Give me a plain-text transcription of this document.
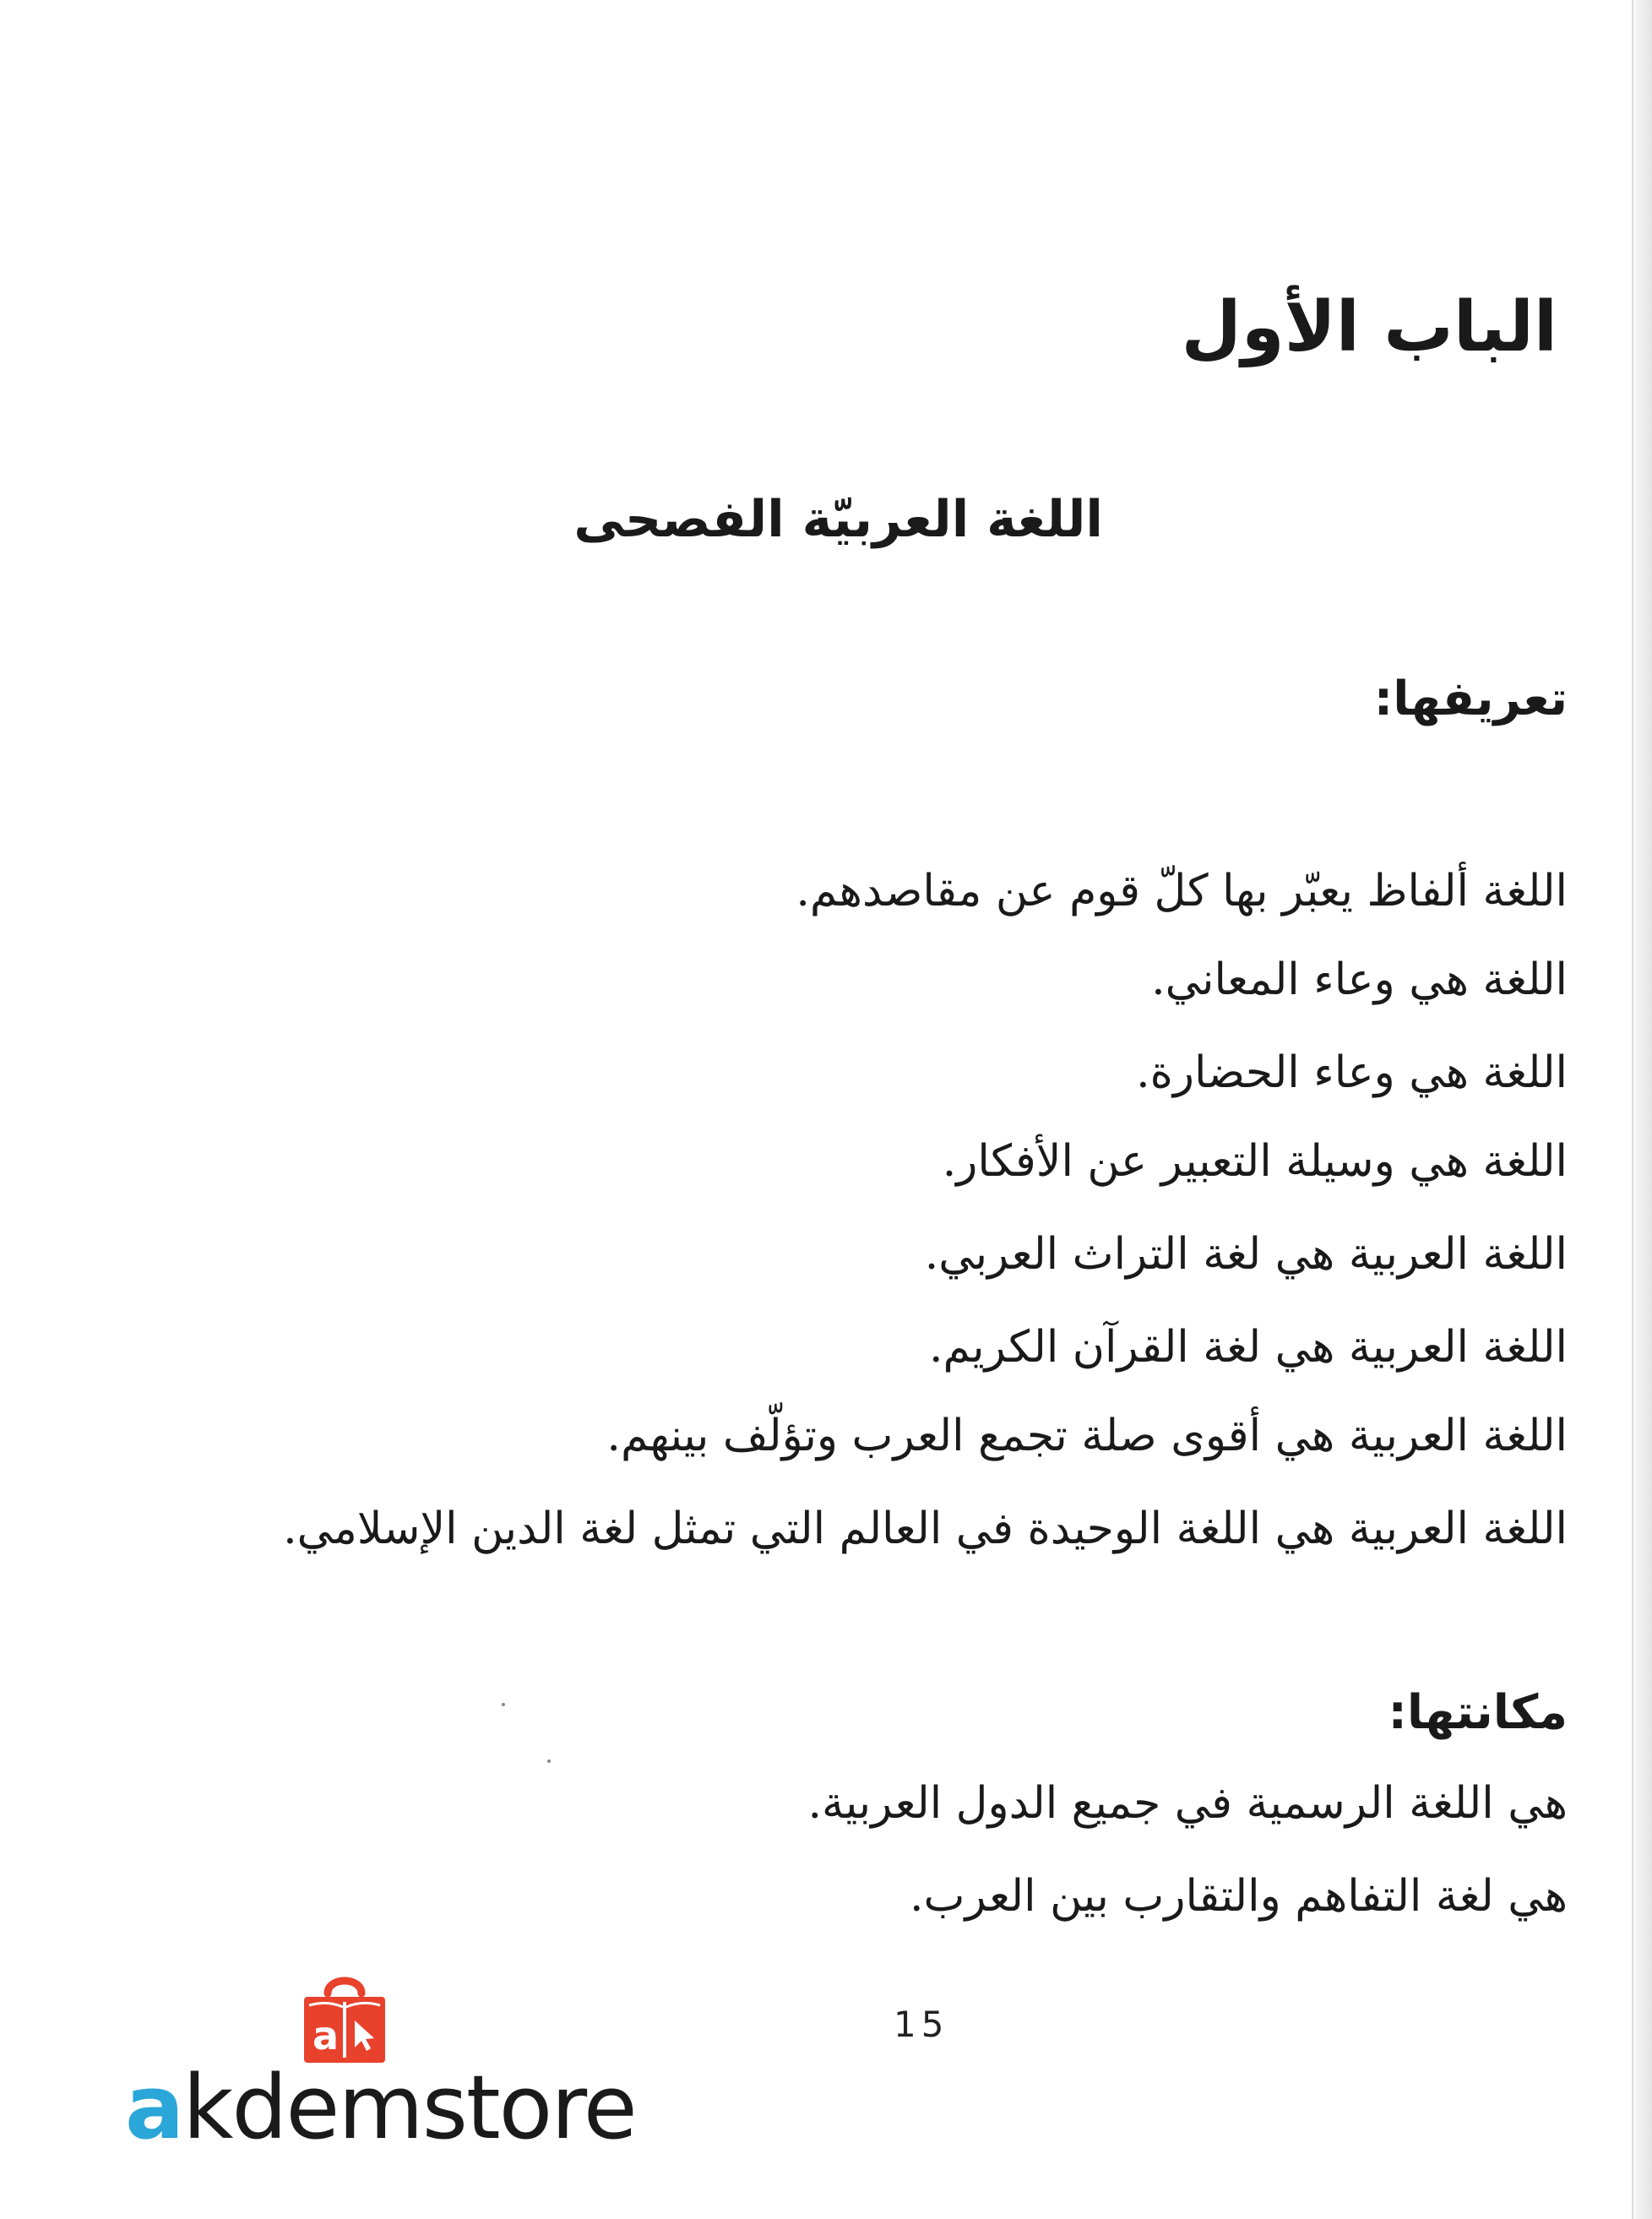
الباب الأول
اللغة العربيّة الفصحى
تعريفها:
اللغة ألفاظ يعبّر بها كلّ قوم عن مقاصدهم.
اللغة هي وعاء المعاني.
اللغة هي وعاء الحضارة.
اللغة هي وسيلة التعبير عن الأفكار.
اللغة العربية هي لغة التراث العربي.
اللغة العربية هي لغة القرآن الكريم.
اللغة العربية هي أقوى صلة تجمع العرب وتؤلّف بينهم.
اللغة العربية هي اللغة الوحيدة في العالم التي تمثل لغة الدين الإسلامي.
مكانتها:
هي اللغة الرسمية في جميع الدول العربية.
هي لغة التفاهم والتقارب بين العرب.
15
a
akdemstore
